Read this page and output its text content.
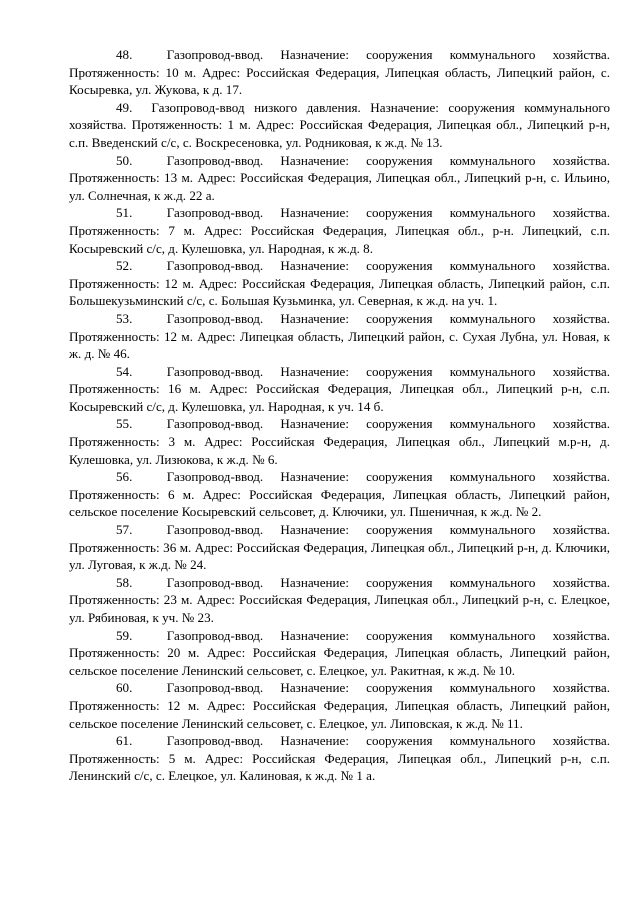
48.	Газопровод-ввод. Назначение: сооружения коммунального хозяйства. Протяженность: 10 м. Адрес: Российская Федерация, Липецкая область, Липецкий район, с. Косыревка, ул. Жукова, к д. 17.

49. Газопровод-ввод низкого давления. Назначение: сооружения коммунального хозяйства. Протяженность: 1 м. Адрес: Российская Федерация, Липецкая обл., Липецкий р-н, с.п. Введенский с/с, с. Воскресеновка, ул. Родниковая, к ж.д. № 13.

50.	Газопровод-ввод. Назначение: сооружения коммунального хозяйства. Протяженность: 13 м. Адрес: Российская Федерация, Липецкая обл., Липецкий р-н, с. Ильино, ул. Солнечная, к ж.д. 22 а.

51.	Газопровод-ввод. Назначение: сооружения коммунального хозяйства. Протяженность: 7 м. Адрес: Российская Федерация, Липецкая обл., р-н. Липецкий, с.п. Косыревский с/с, д. Кулешовка, ул. Народная, к ж.д. 8.

52.	Газопровод-ввод. Назначение: сооружения коммунального хозяйства. Протяженность: 12 м. Адрес: Российская Федерация, Липецкая область, Липецкий район, с.п. Большекузьминский с/с, с. Большая Кузьминка, ул. Северная, к ж.д. на уч. 1.

53.	Газопровод-ввод. Назначение: сооружения коммунального хозяйства. Протяженность: 12 м. Адрес: Липецкая область, Липецкий район, с. Сухая Лубна, ул. Новая, к ж. д. № 46.

54.	Газопровод-ввод. Назначение: сооружения коммунального хозяйства. Протяженность: 16 м. Адрес: Российская Федерация, Липецкая обл., Липецкий р-н, с.п. Косыревский с/с, д. Кулешовка, ул. Народная, к уч. 14 б.

55.	Газопровод-ввод. Назначение: сооружения коммунального хозяйства. Протяженность: 3 м. Адрес: Российская Федерация, Липецкая обл., Липецкий м.р-н, д. Кулешовка, ул. Лизюкова, к ж.д. № 6.

56.	Газопровод-ввод. Назначение: сооружения коммунального хозяйства. Протяженность: 6 м. Адрес: Российская Федерация, Липецкая область, Липецкий район, сельское поселение Косыревский сельсовет, д. Ключики, ул. Пшеничная, к ж.д. № 2.

57.	Газопровод-ввод. Назначение: сооружения коммунального хозяйства. Протяженность: 36 м. Адрес: Российская Федерация, Липецкая обл., Липецкий р-н, д. Ключики, ул. Луговая, к ж.д. № 24.

58.	Газопровод-ввод. Назначение: сооружения коммунального хозяйства. Протяженность: 23 м. Адрес: Российская Федерация, Липецкая обл., Липецкий р-н, с. Елецкое, ул. Рябиновая, к уч. № 23.

59.	Газопровод-ввод. Назначение: сооружения коммунального хозяйства. Протяженность: 20 м. Адрес: Российская Федерация, Липецкая область, Липецкий район, сельское поселение Ленинский сельсовет, с. Елецкое, ул. Ракитная, к ж.д. № 10.

60.	Газопровод-ввод. Назначение: сооружения коммунального хозяйства. Протяженность: 12 м. Адрес: Российская Федерация, Липецкая область, Липецкий район, сельское поселение Ленинский сельсовет, с. Елецкое, ул. Липовская, к ж.д. № 11.

61.	Газопровод-ввод. Назначение: сооружения коммунального хозяйства. Протяженность: 5 м. Адрес: Российская Федерация, Липецкая обл., Липецкий р-н, с.п. Ленинский с/с, с. Елецкое, ул. Калиновая, к ж.д. № 1 а.
